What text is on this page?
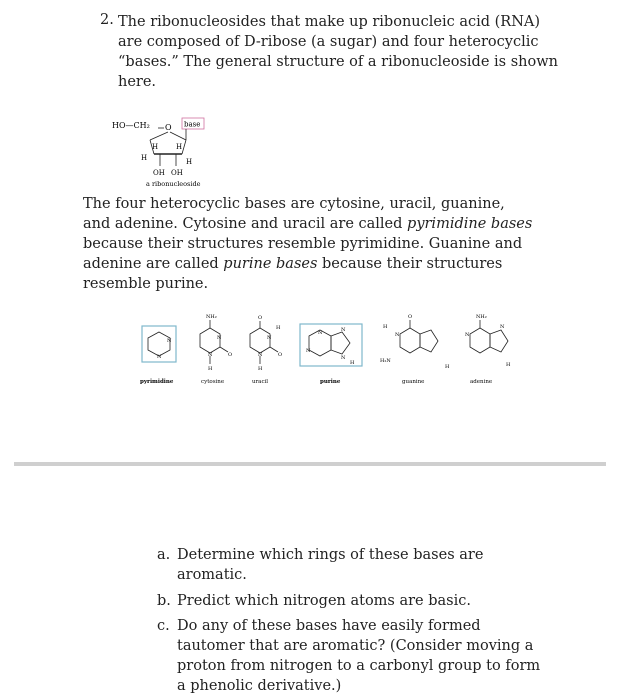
2. The ribonucleosides that make up ribonucleic acid (RNA) are composed of D-ribose (a sugar) and four heterocyclic “bases.” The general structure of a ribonucleoside is shown here.
HO—CH₂ O base
H	H
H	H
OH OH
a ribonucleoside
The four heterocyclic bases are cytosine, uracil, guanine, and adenine. Cytosine and uracil are called pyrimidine bases because their structures resemble pyrimidine. Guanine and adenine are called purine bases because their structures resemble purine.
N
N
pyrimidine
NH₂
O
N
N
H
cytosine
O
N
H
N	O
H
uracil
N
N
N
N
H
purine
O
H
N
H₂N
H
guanine
NH₂
N
N
H
adenine
a. Determine which rings of these bases are aromatic.
b. Predict which nitrogen atoms are basic.
c. Do any of these bases have easily formed tautomer that are aromatic? (Consider moving a proton from nitrogen to a carbonyl group to form a phenolic derivative.)
